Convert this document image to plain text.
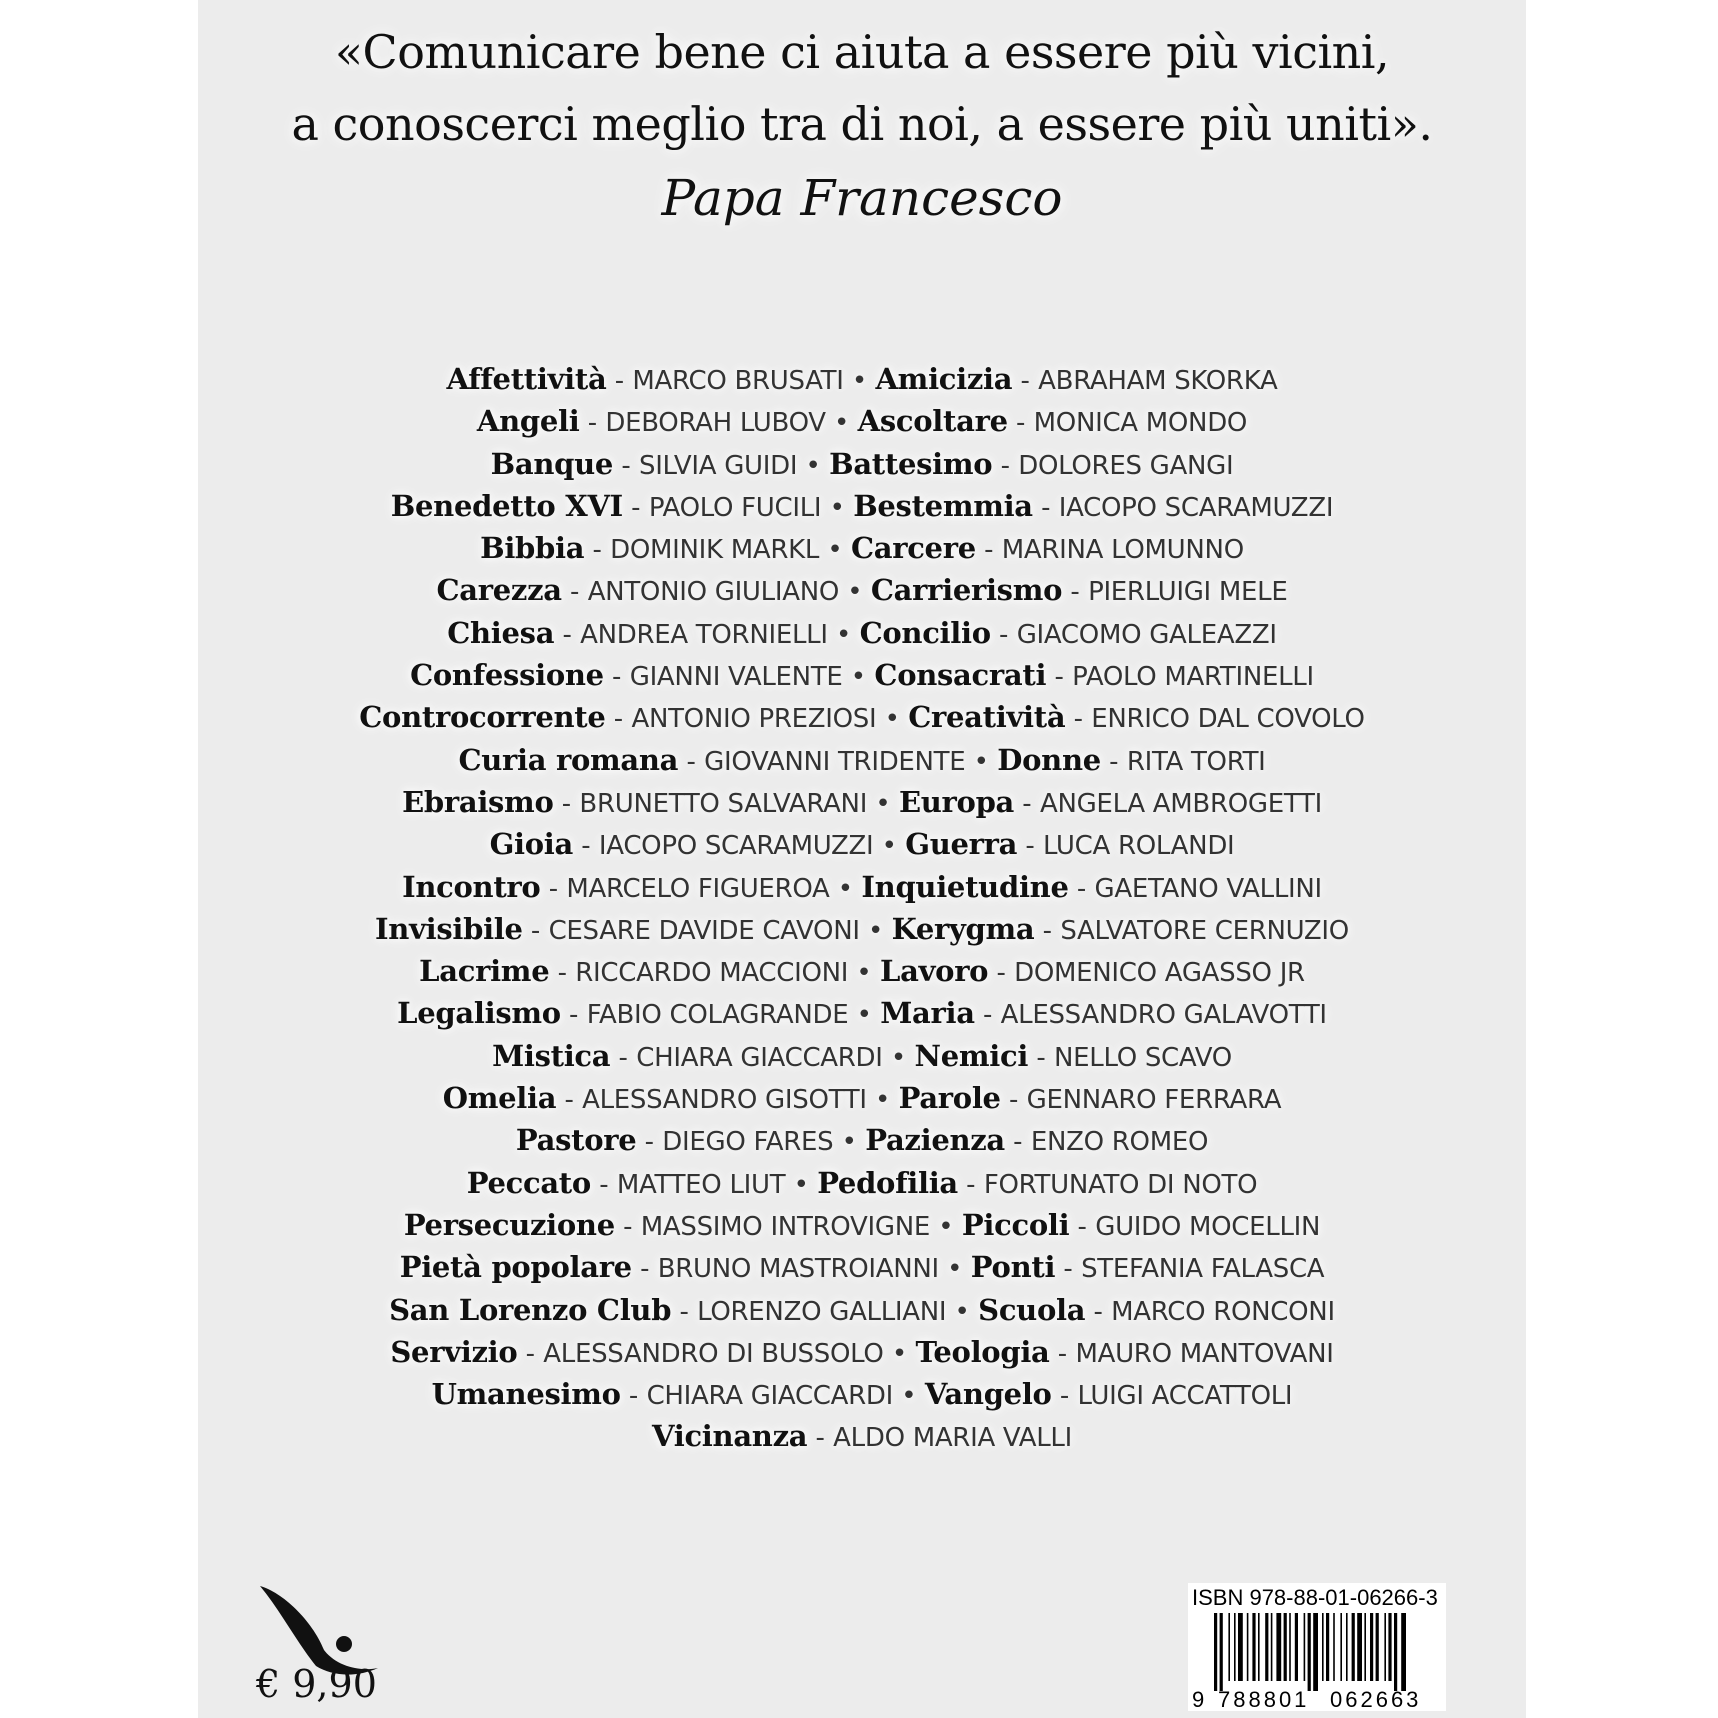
«Comunicare bene ci aiuta a essere più vicini,
a conoscerci meglio tra di noi, a essere più uniti».
Papa Francesco
Affettività - MARCO BRUSATI • Amicizia - ABRAHAM SKORKA
Angeli - DEBORAH LUBOV • Ascoltare - MONICA MONDO
Banque - SILVIA GUIDI • Battesimo - DOLORES GANGI
Benedetto XVI - PAOLO FUCILI • Bestemmia - IACOPO SCARAMUZZI
Bibbia - DOMINIK MARKL • Carcere - MARINA LOMUNNO
Carezza - ANTONIO GIULIANO • Carrierismo - PIERLUIGI MELE
Chiesa - ANDREA TORNIELLI • Concilio - GIACOMO GALEAZZI
Confessione - GIANNI VALENTE • Consacrati - PAOLO MARTINELLI
Controcorrente - ANTONIO PREZIOSI • Creatività - ENRICO DAL COVOLO
Curia romana - GIOVANNI TRIDENTE • Donne - RITA TORTI
Ebraismo - BRUNETTO SALVARANI • Europa - ANGELA AMBROGETTI
Gioia - IACOPO SCARAMUZZI • Guerra - LUCA ROLANDI
Incontro - MARCELO FIGUEROA • Inquietudine - GAETANO VALLINI
Invisibile - CESARE DAVIDE CAVONI • Kerygma - SALVATORE CERNUZIO
Lacrime - RICCARDO MACCIONI • Lavoro - DOMENICO AGASSO JR
Legalismo - FABIO COLAGRANDE • Maria - ALESSANDRO GALAVOTTI
Mistica - CHIARA GIACCARDI • Nemici - NELLO SCAVO
Omelia - ALESSANDRO GISOTTI • Parole - GENNARO FERRARA
Pastore - DIEGO FARES • Pazienza - ENZO ROMEO
Peccato - MATTEO LIUT • Pedofilia - FORTUNATO DI NOTO
Persecuzione - MASSIMO INTROVIGNE • Piccoli - GUIDO MOCELLIN
Pietà popolare - BRUNO MASTROIANNI • Ponti - STEFANIA FALASCA
San Lorenzo Club - LORENZO GALLIANI • Scuola - MARCO RONCONI
Servizio - ALESSANDRO DI BUSSOLO • Teologia - MAURO MANTOVANI
Umanesimo - CHIARA GIACCARDI • Vangelo - LUIGI ACCATTOLI
Vicinanza - ALDO MARIA VALLI
€ 9,90
ISBN 978-88-01-06266-3
9 788801 062663
